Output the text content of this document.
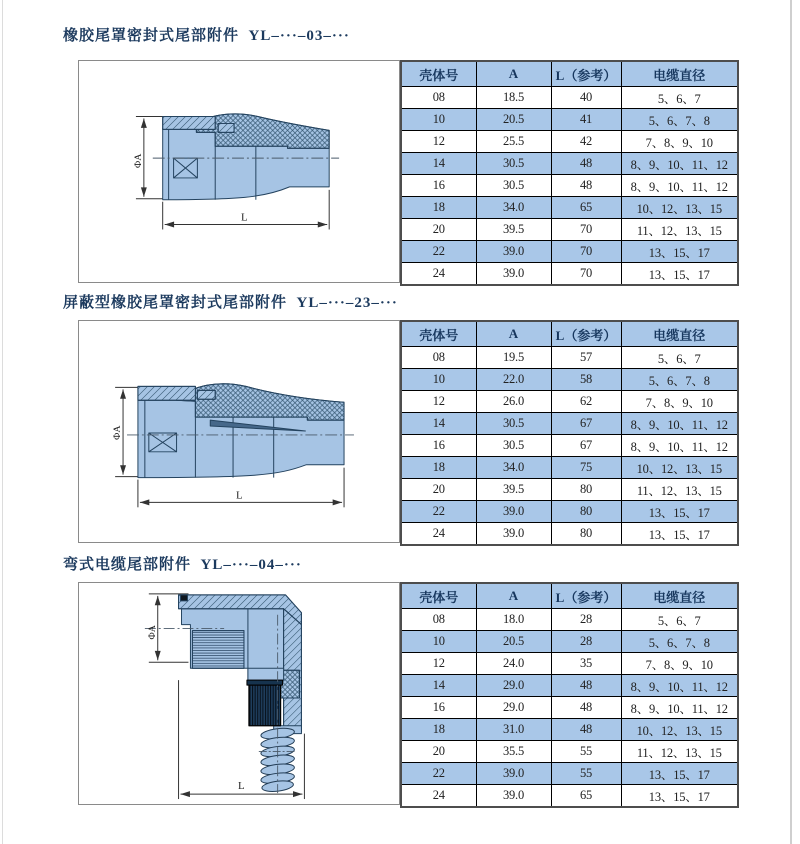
橡胶尾罩密封式尾部附件  YL–···–03–···
ΦA
L
壳体号	A	L（参考）	电缆直径
08	18.5	40	5、6、7
10	20.5	41	5、6、7、8
12	25.5	42	7、8、9、10
14	30.5	48	8、9、10、11、12
16	30.5	48	8、9、10、11、12
18	34.0	65	10、12、13、15
20	39.5	70	11、12、13、15
22	39.0	70	13、15、17
24	39.0	70	13、15、17
屏蔽型橡胶尾罩密封式尾部附件  YL–···–23–···
ΦA
L
壳体号	A	L（参考）	电缆直径
08	19.5	57	5、6、7
10	22.0	58	5、6、7、8
12	26.0	62	7、8、9、10
14	30.5	67	8、9、10、11、12
16	30.5	67	8、9、10、11、12
18	34.0	75	10、12、13、15
20	39.5	80	11、12、13、15
22	39.0	80	13、15、17
24	39.0	80	13、15、17
弯式电缆尾部附件  YL–···–04–···
ΦA
L
壳体号	A	L（参考）	电缆直径
08	18.0	28	5、6、7
10	20.5	28	5、6、7、8
12	24.0	35	7、8、9、10
14	29.0	48	8、9、10、11、12
16	29.0	48	8、9、10、11、12
18	31.0	48	10、12、13、15
20	35.5	55	11、12、13、15
22	39.0	55	13、15、17
24	39.0	65	13、15、17
